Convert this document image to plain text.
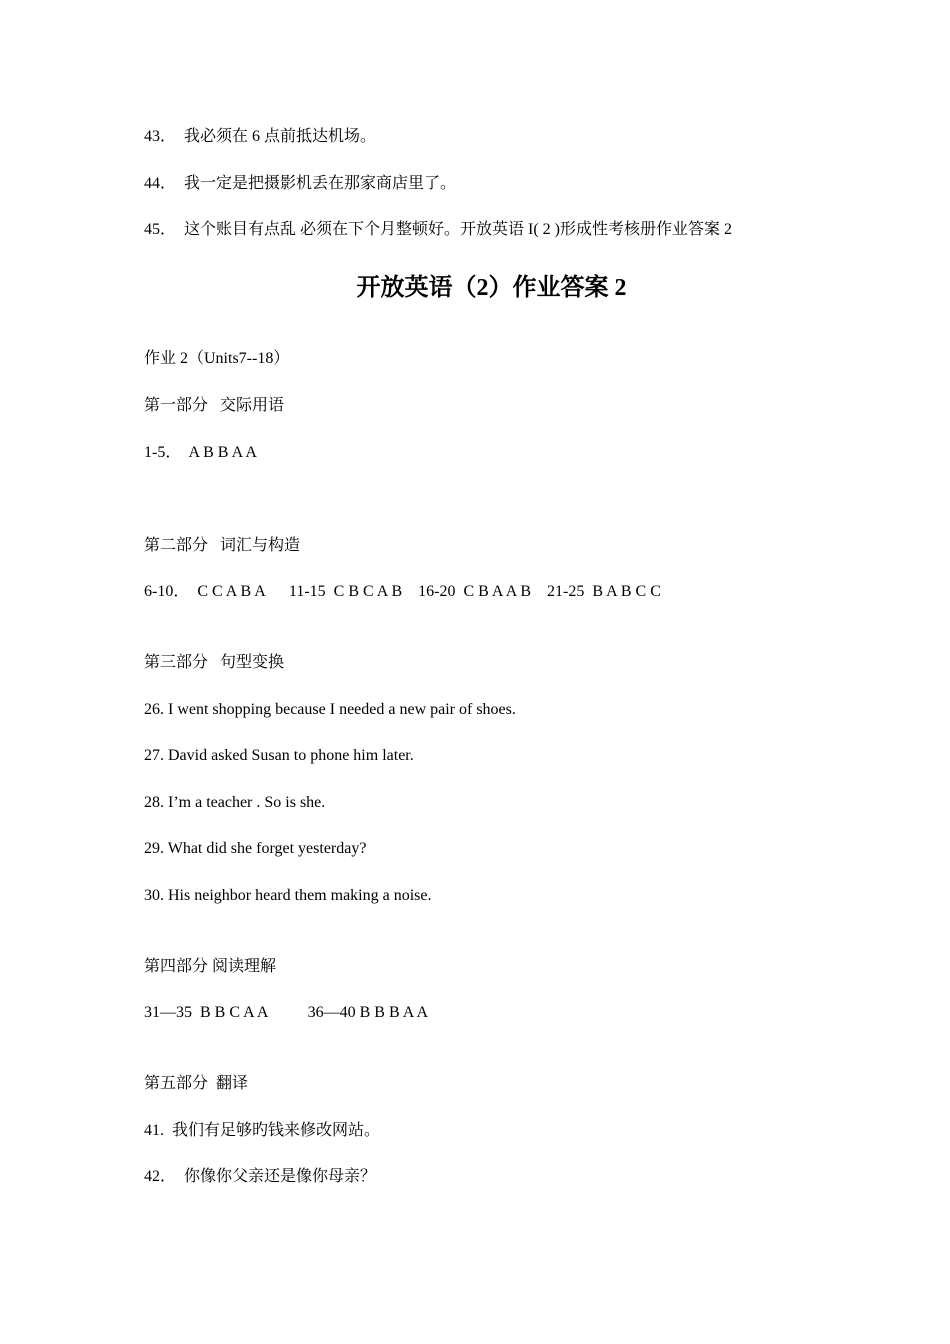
43．  我必须在 6 点前抵达机场。
44．  我一定是把摄影机丢在那家商店里了。
45．  这个账目有点乱 必须在下个月整顿好。开放英语 I( 2 )形成性考核册作业答案 2
开放英语（2）作业答案 2
作业 2（Units7--18）
第一部分   交际用语
1-5．  A B B A A
第二部分   词汇与构造
6-10．  C C A B A      11-15  C B C A B    16-20  C B A A B    21-25  B A B C C
第三部分   句型变换
26. I went shopping because I needed a new pair of shoes.
27. David asked Susan to phone him later.
28. I’m a teacher . So is she.
29. What did she forget yesterday?
30. His neighbor heard them making a noise.
第四部分 阅读理解
31—35  B B C A A          36—40 B B B A A
第五部分  翻译
41.  我们有足够旳钱来修改网站。
42．  你像你父亲还是像你母亲？
